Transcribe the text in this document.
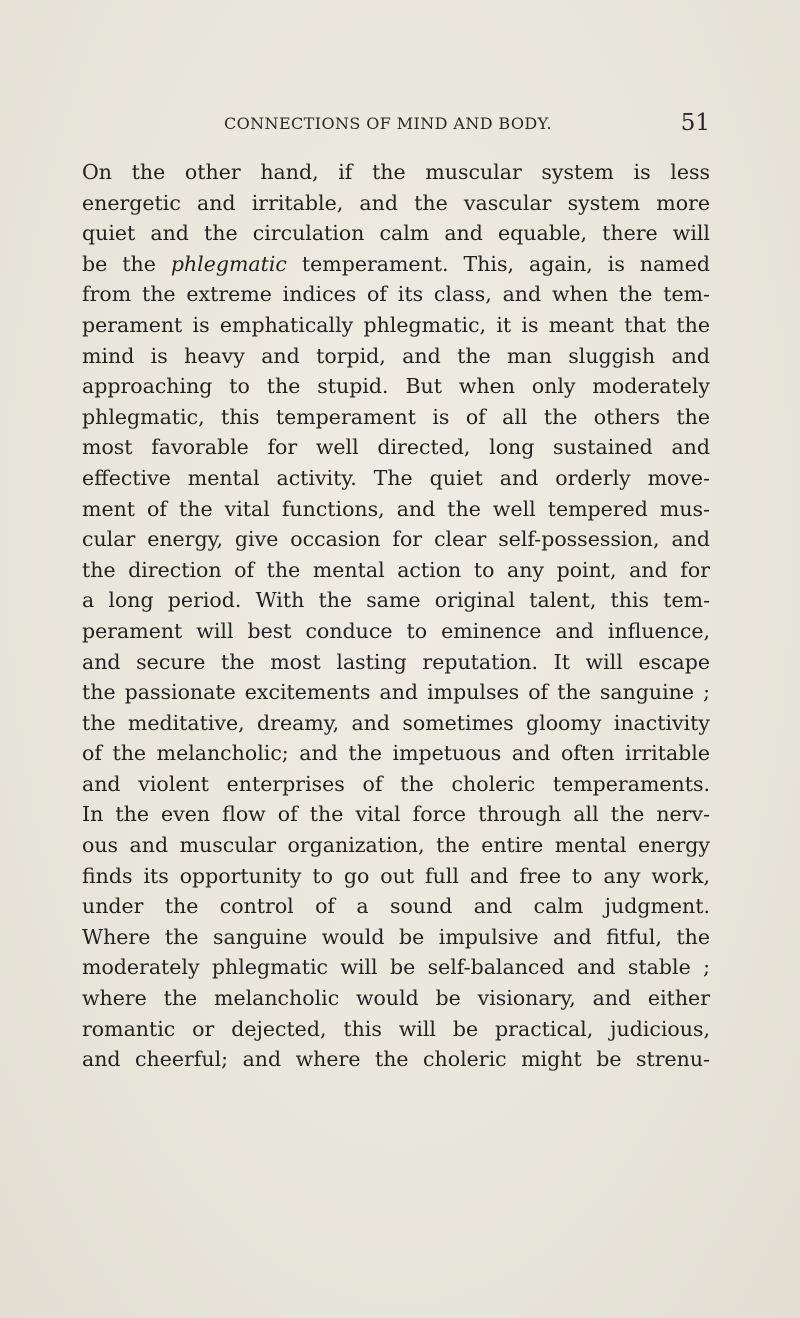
CONNECTIONS OF MIND AND BODY.	51
On the other hand, if the muscular system is less
energetic and irritable, and the vascular system more
quiet and the circulation calm and equable, there will
be the phlegmatic temperament. This, again, is named
from the extreme indices of its class, and when the tem-
perament is emphatically phlegmatic, it is meant that the
mind is heavy and torpid, and the man sluggish and
approaching to the stupid. But when only moderately
phlegmatic, this temperament is of all the others the
most favorable for well directed, long sustained and
effective mental activity. The quiet and orderly move-
ment of the vital functions, and the well tempered mus-
cular energy, give occasion for clear self-possession, and
the direction of the mental action to any point, and for
a long period. With the same original talent, this tem-
perament will best conduce to eminence and influence,
and secure the most lasting reputation. It will escape
the passionate excitements and impulses of the sanguine ;
the meditative, dreamy, and sometimes gloomy inactivity
of the melancholic; and the impetuous and often irritable
and violent enterprises of the choleric temperaments.
In the even flow of the vital force through all the nerv-
ous and muscular organization, the entire mental energy
finds its opportunity to go out full and free to any work,
under the control of a sound and calm judgment.
Where the sanguine would be impulsive and fitful, the
moderately phlegmatic will be self-balanced and stable ;
where the melancholic would be visionary, and either
romantic or dejected, this will be practical, judicious,
and cheerful; and where the choleric might be strenu-
